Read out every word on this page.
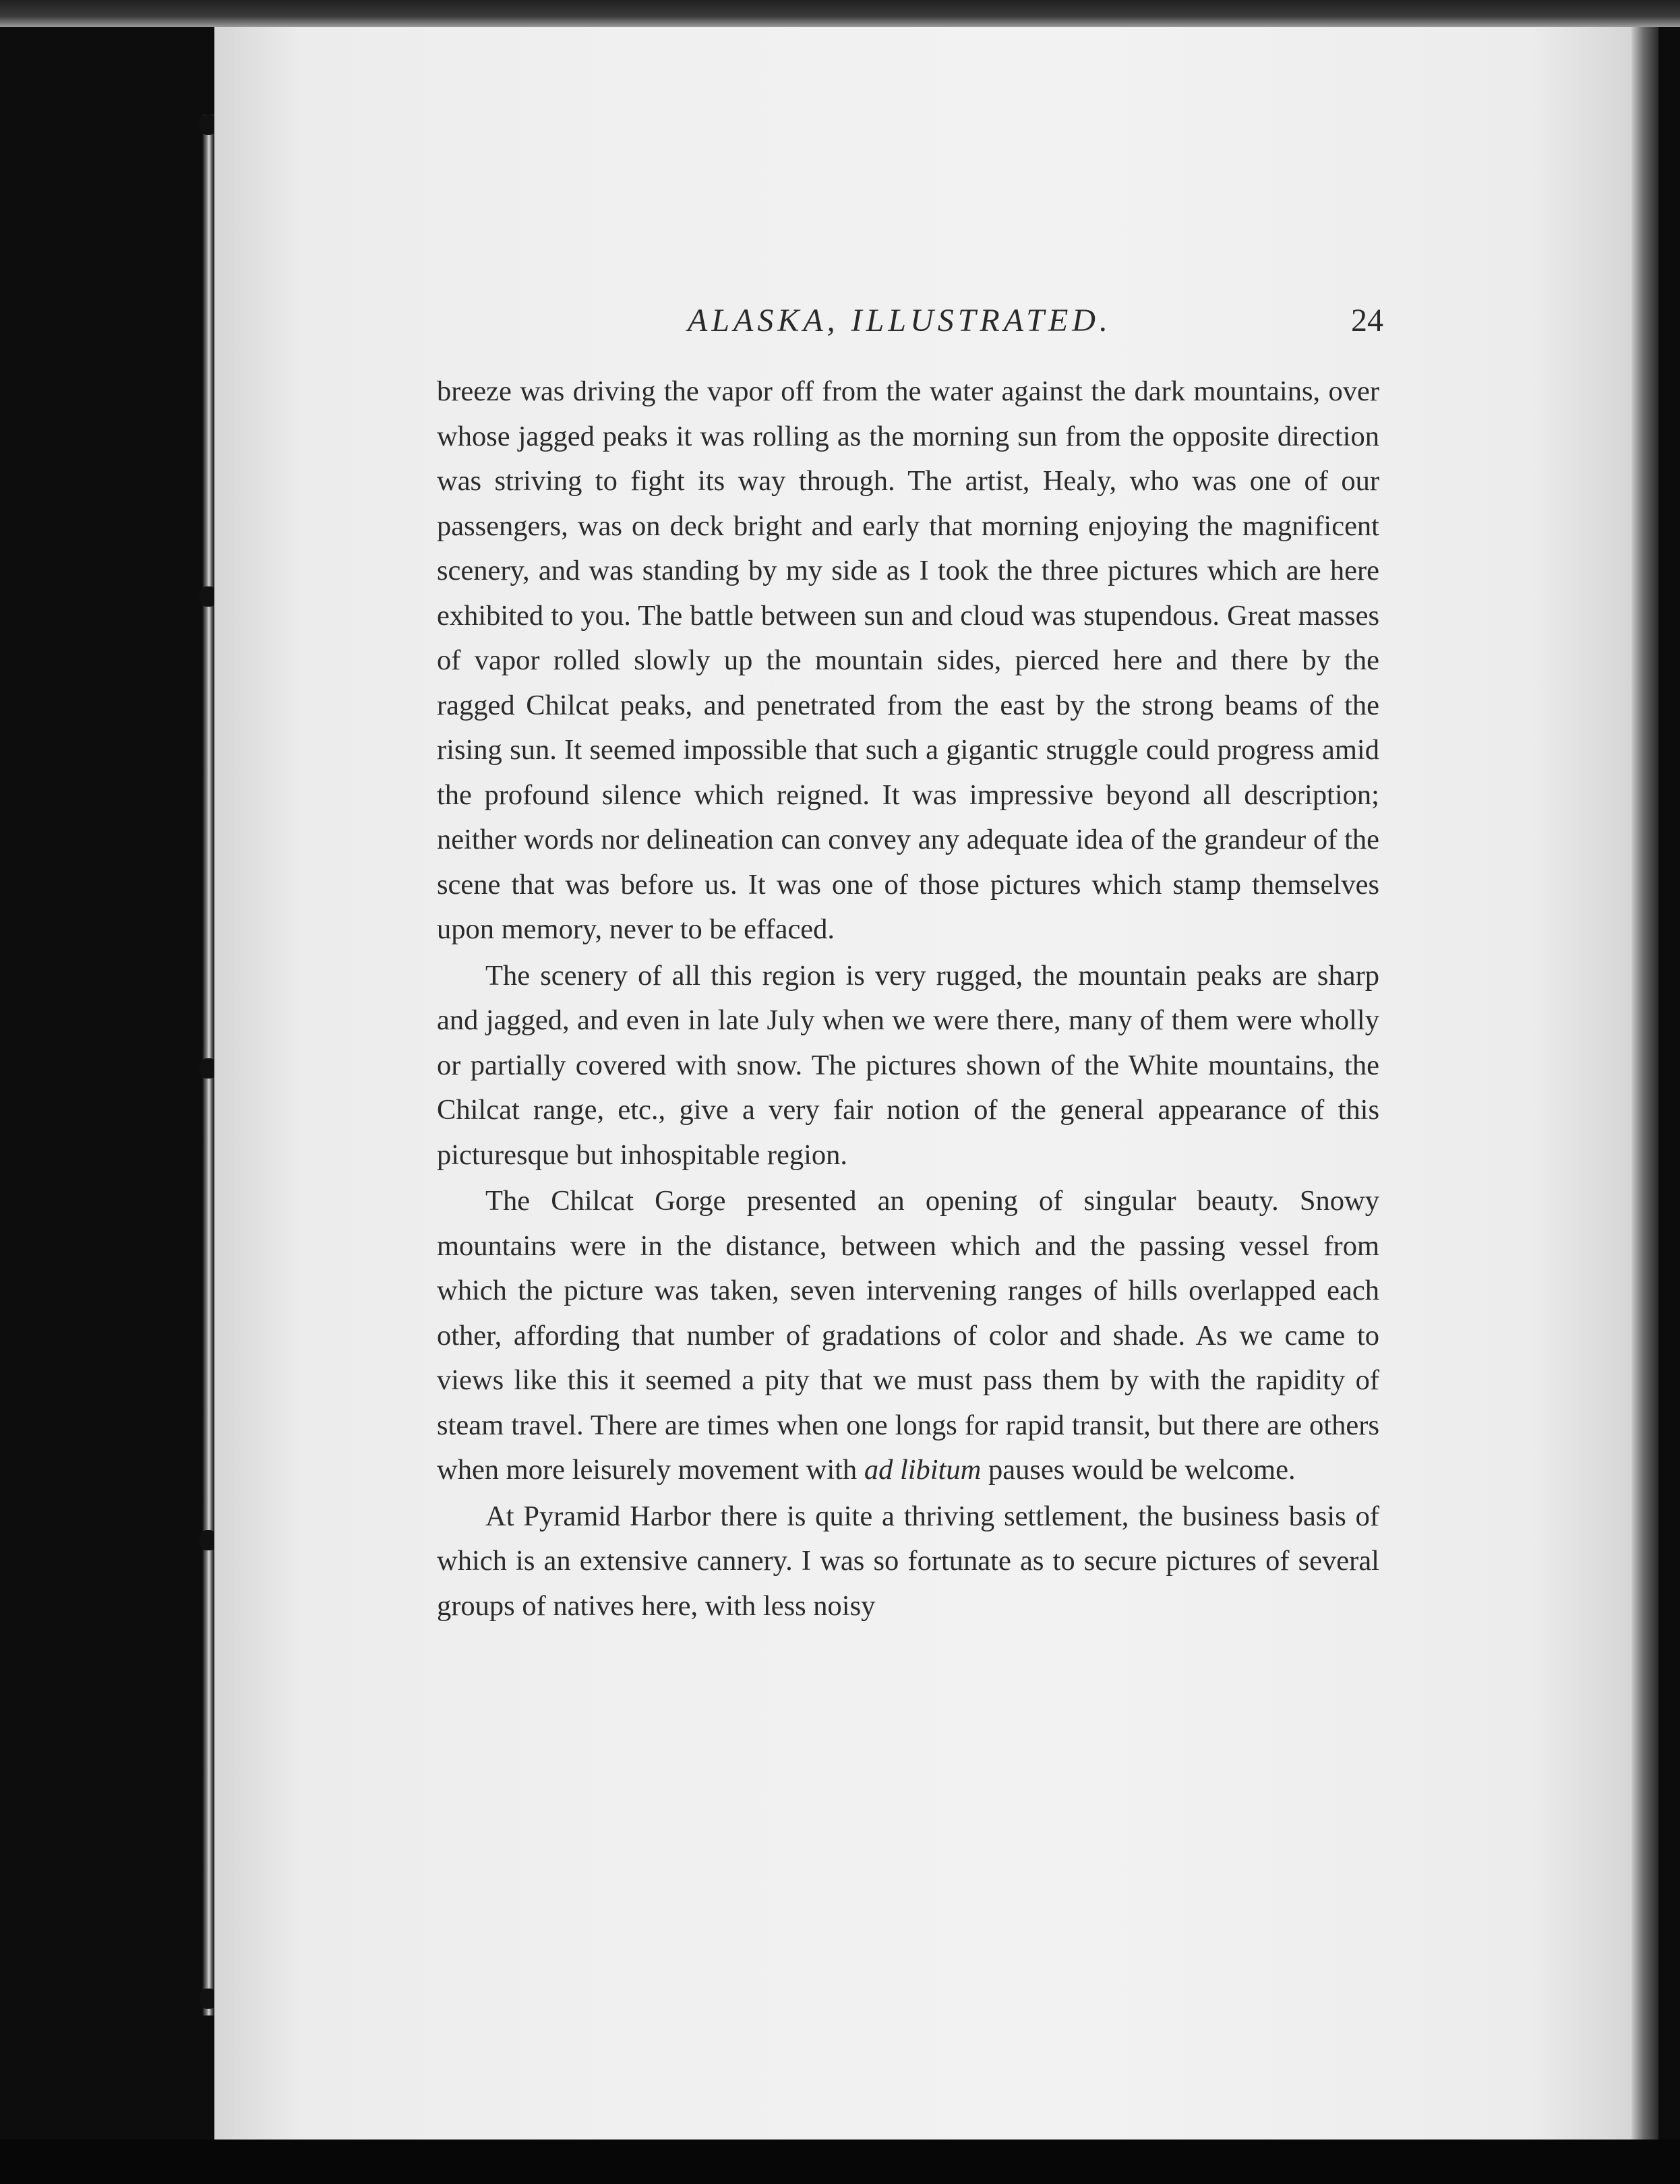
ALASKA, ILLUSTRATED.	24

breeze was driving the vapor off from the water against the dark mountains, over whose jagged peaks it was rolling as the morning sun from the opposite direction was striving to fight its way through. The artist, Healy, who was one of our passengers, was on deck bright and early that morning enjoying the magnificent scenery, and was standing by my side as I took the three pictures which are here exhibited to you. The battle between sun and cloud was stupendous. Great masses of vapor rolled slowly up the mountain sides, pierced here and there by the ragged Chilcat peaks, and penetrated from the east by the strong beams of the rising sun. It seemed impossible that such a gigantic struggle could progress amid the profound silence which reigned. It was impressive beyond all description; neither words nor delineation can convey any adequate idea of the grandeur of the scene that was before us. It was one of those pictures which stamp themselves upon memory, never to be effaced.

The scenery of all this region is very rugged, the mountain peaks are sharp and jagged, and even in late July when we were there, many of them were wholly or partially covered with snow. The pictures shown of the White mountains, the Chilcat range, etc., give a very fair notion of the general appearance of this picturesque but inhospitable region.

The Chilcat Gorge presented an opening of singular beauty. Snowy mountains were in the distance, between which and the passing vessel from which the picture was taken, seven intervening ranges of hills overlapped each other, affording that number of gradations of color and shade. As we came to views like this it seemed a pity that we must pass them by with the rapidity of steam travel. There are times when one longs for rapid transit, but there are others when more leisurely movement with ad libitum pauses would be welcome.

At Pyramid Harbor there is quite a thriving settlement, the business basis of which is an extensive cannery. I was so fortunate as to secure pictures of several groups of natives here, with less noisy
